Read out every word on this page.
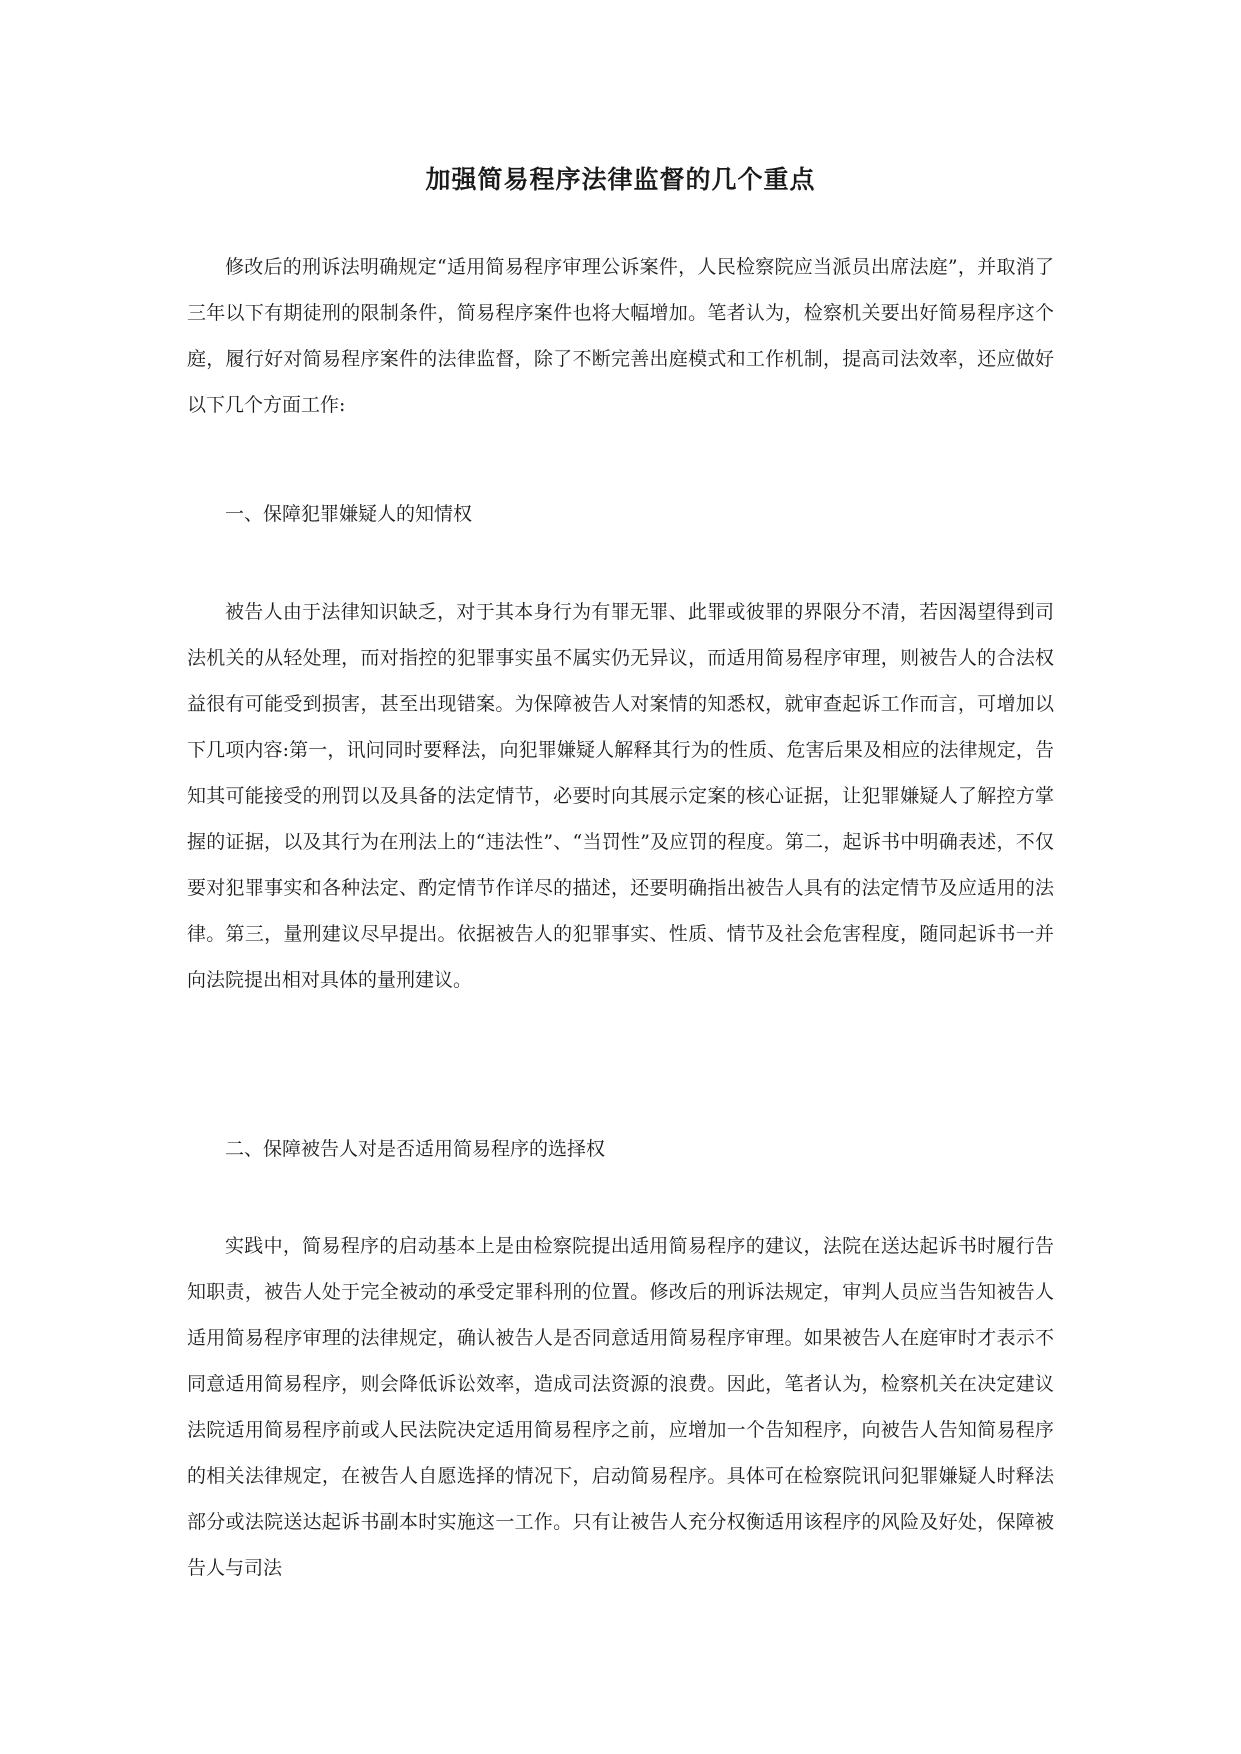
加强简易程序法律监督的几个重点

修改后的刑诉法明确规定“适用简易程序审理公诉案件，人民检察院应当派员出席法庭”，并取消了三年以下有期徒刑的限制条件，简易程序案件也将大幅增加。笔者认为，检察机关要出好简易程序这个庭，履行好对简易程序案件的法律监督，除了不断完善出庭模式和工作机制，提高司法效率，还应做好以下几个方面工作:

一、保障犯罪嫌疑人的知情权

被告人由于法律知识缺乏，对于其本身行为有罪无罪、此罪或彼罪的界限分不清，若因渴望得到司法机关的从轻处理，而对指控的犯罪事实虽不属实仍无异议，而适用简易程序审理，则被告人的合法权益很有可能受到损害，甚至出现错案。为保障被告人对案情的知悉权，就审查起诉工作而言，可增加以下几项内容:第一，讯问同时要释法，向犯罪嫌疑人解释其行为的性质、危害后果及相应的法律规定，告知其可能接受的刑罚以及具备的法定情节，必要时向其展示定案的核心证据，让犯罪嫌疑人了解控方掌握的证据，以及其行为在刑法上的“违法性”、“当罚性”及应罚的程度。第二，起诉书中明确表述，不仅要对犯罪事实和各种法定、酌定情节作详尽的描述，还要明确指出被告人具有的法定情节及应适用的法律。第三，量刑建议尽早提出。依据被告人的犯罪事实、性质、情节及社会危害程度，随同起诉书一并向法院提出相对具体的量刑建议。

二、保障被告人对是否适用简易程序的选择权

实践中，简易程序的启动基本上是由检察院提出适用简易程序的建议，法院在送达起诉书时履行告知职责，被告人处于完全被动的承受定罪科刑的位置。修改后的刑诉法规定，审判人员应当告知被告人适用简易程序审理的法律规定，确认被告人是否同意适用简易程序审理。如果被告人在庭审时才表示不同意适用简易程序，则会降低诉讼效率，造成司法资源的浪费。因此，笔者认为，检察机关在决定建议法院适用简易程序前或人民法院决定适用简易程序之前，应增加一个告知程序，向被告人告知简易程序的相关法律规定，在被告人自愿选择的情况下，启动简易程序。具体可在检察院讯问犯罪嫌疑人时释法部分或法院送达起诉书副本时实施这一工作。只有让被告人充分权衡适用该程序的风险及好处，保障被告人与司法
